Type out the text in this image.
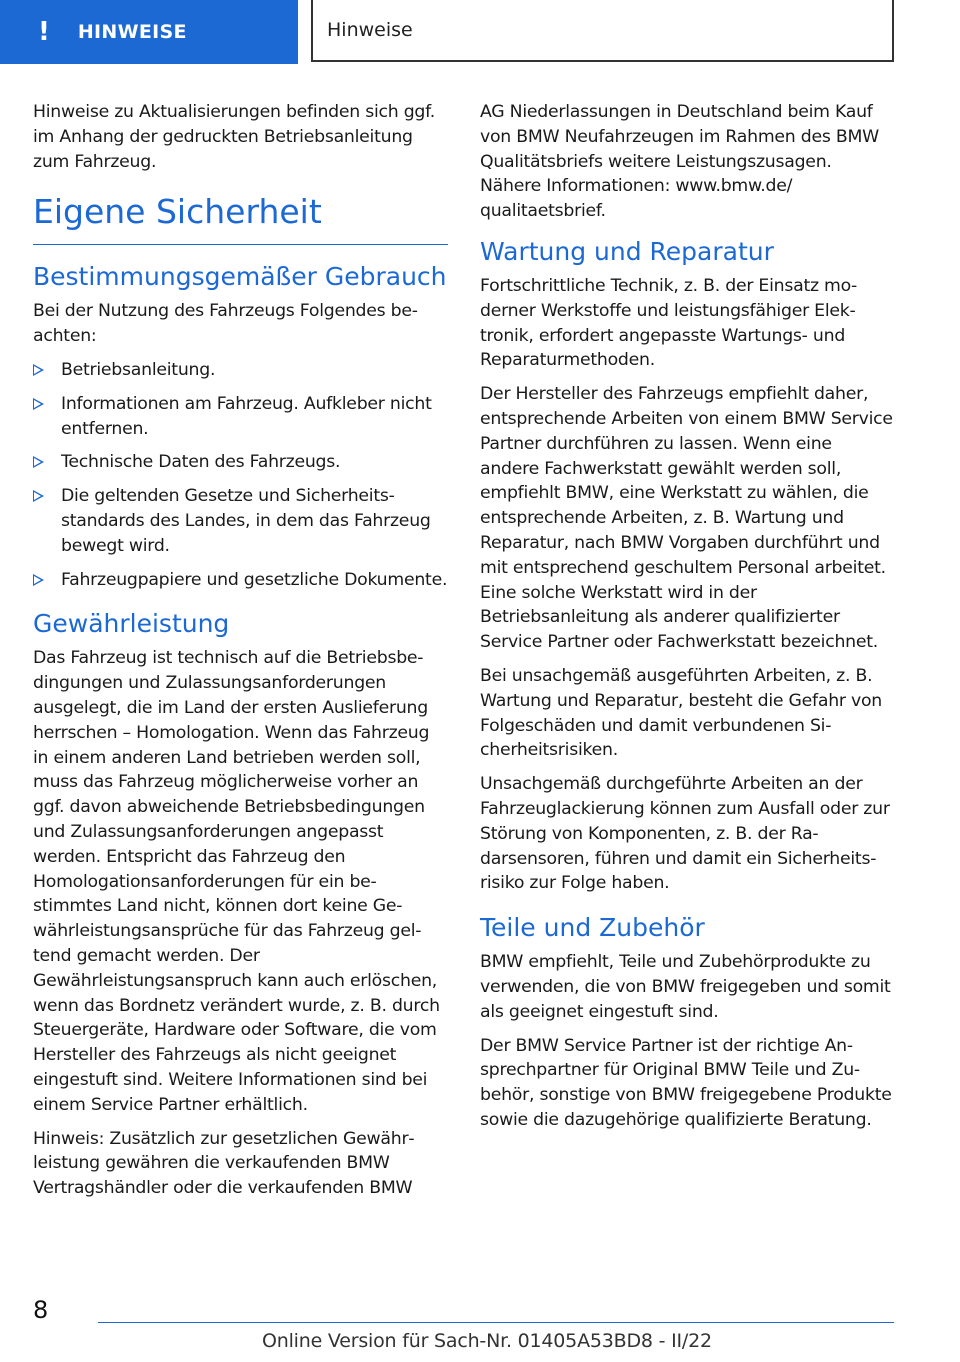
! HINWEISE	Hinweise

Hinweise zu Aktualisierungen befinden sich ggf. im Anhang der gedruckten Betriebsanleitung zum Fahrzeug.

Eigene Sicherheit
Bestimmungsgemäßer Gebrauch

Bei der Nutzung des Fahrzeugs Folgendes beachten:

Betriebsanleitung.

Informationen am Fahrzeug. Aufkleber nicht entfernen.

Technische Daten des Fahrzeugs.

Die geltenden Gesetze und Sicherheitsstandards des Landes, in dem das Fahrzeug bewegt wird.

Fahrzeugpapiere und gesetzliche Dokumente.

Gewährleistung

Das Fahrzeug ist technisch auf die Betriebsbedingungen und Zulassungsanforderungen ausgelegt, die im Land der ersten Auslieferung herrschen – Homologation. Wenn das Fahrzeug in einem anderen Land betrieben werden soll, muss das Fahrzeug möglicherweise vorher an ggf. davon abweichende Betriebsbedingungen und Zulassungsanforderungen angepasst werden. Entspricht das Fahrzeug den Homologationsanforderungen für ein bestimmtes Land nicht, können dort keine Gewährleistungsansprüche für das Fahrzeug geltend gemacht werden. Der Gewährleistungsanspruch kann auch erlöschen, wenn das Bordnetz verändert wurde, z. B. durch Steuergeräte, Hardware oder Software, die vom Hersteller des Fahrzeugs als nicht geeignet eingestuft sind. Weitere Informationen sind bei einem Service Partner erhältlich.

Hinweis: Zusätzlich zur gesetzlichen Gewährleistung gewähren die verkaufenden BMW Vertragshändler oder die verkaufenden BMW

AG Niederlassungen in Deutschland beim Kauf von BMW Neufahrzeugen im Rahmen des BMW Qualitätsbriefs weitere Leistungszusagen. Nähere Informationen: www.bmw.de/ qualitaetsbrief.

Wartung und Reparatur

Fortschrittliche Technik, z. B. der Einsatz moderner Werkstoffe und leistungsfähiger Elektronik, erfordert angepasste Wartungs- und Reparaturmethoden.

Der Hersteller des Fahrzeugs empfiehlt daher, entsprechende Arbeiten von einem BMW Service Partner durchführen zu lassen. Wenn eine andere Fachwerkstatt gewählt werden soll, empfiehlt BMW, eine Werkstatt zu wählen, die entsprechende Arbeiten, z. B. Wartung und Reparatur, nach BMW Vorgaben durchführt und mit entsprechend geschultem Personal arbeitet. Eine solche Werkstatt wird in der Betriebsanleitung als anderer qualifizierter Service Partner oder Fachwerkstatt bezeichnet.

Bei unsachgemäß ausgeführten Arbeiten, z. B. Wartung und Reparatur, besteht die Gefahr von Folgeschäden und damit verbundenen Sicherheitsrisiken.

Unsachgemäß durchgeführte Arbeiten an der Fahrzeuglackierung können zum Ausfall oder zur Störung von Komponenten, z. B. der Radarsensoren, führen und damit ein Sicherheitsrisiko zur Folge haben.

Teile und Zubehör

BMW empfiehlt, Teile und Zubehörprodukte zu verwenden, die von BMW freigegeben und somit als geeignet eingestuft sind.

Der BMW Service Partner ist der richtige Ansprechpartner für Original BMW Teile und Zubehör, sonstige von BMW freigegebene Produkte sowie die dazugehörige qualifizierte Beratung.

8
Online Version für Sach-Nr. 01405A53BD8 - II/22
